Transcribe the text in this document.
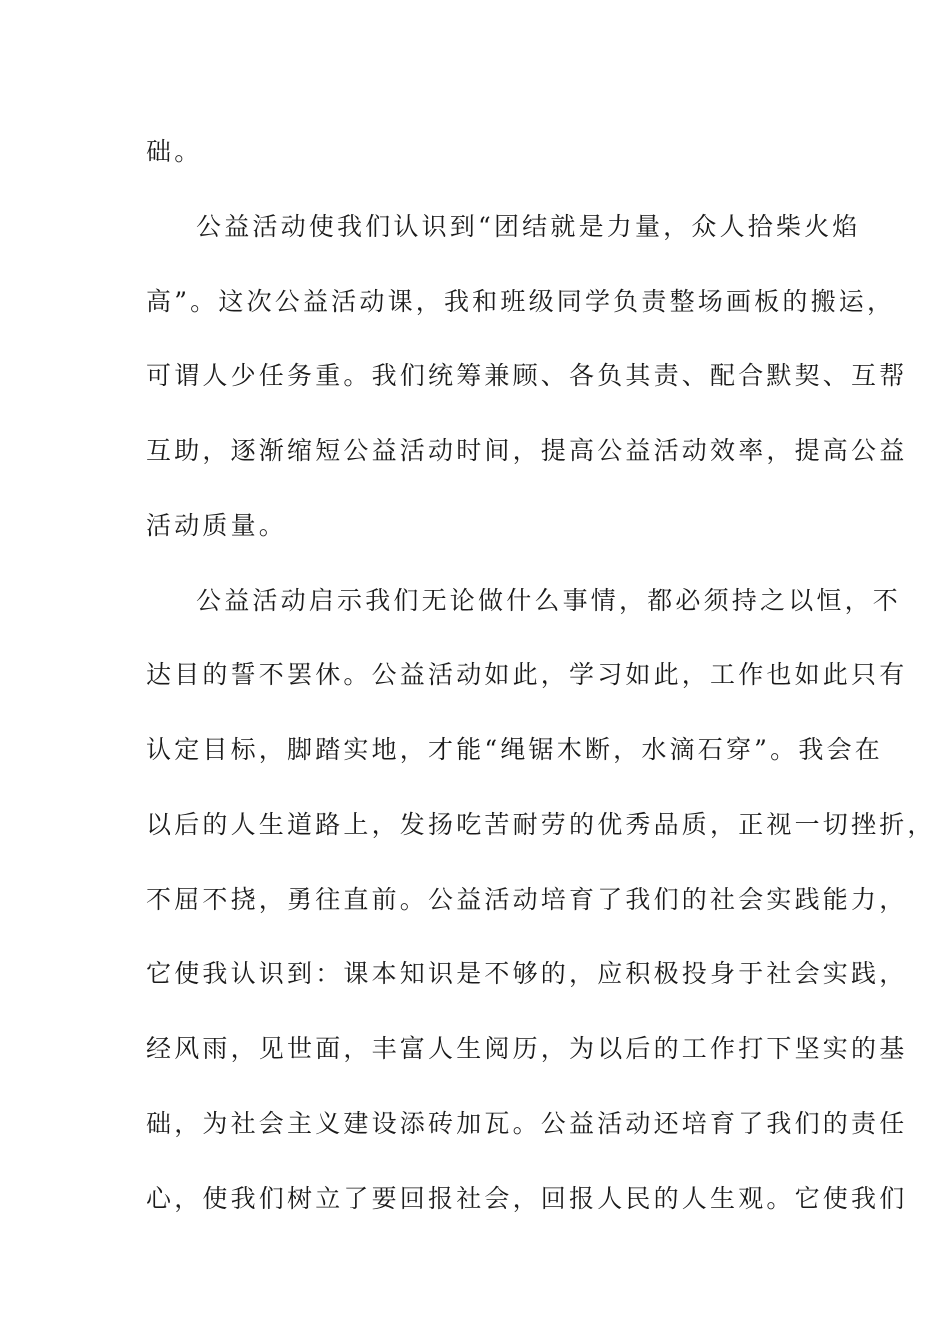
础。
公益活动使我们认识到“团结就是力量，众人拾柴火焰
高”。这次公益活动课，我和班级同学负责整场画板的搬运，
可谓人少任务重。我们统筹兼顾、各负其责、配合默契、互帮
互助，逐渐缩短公益活动时间，提高公益活动效率，提高公益
活动质量。
公益活动启示我们无论做什么事情，都必须持之以恒，不
达目的誓不罢休。公益活动如此，学习如此，工作也如此只有
认定目标，脚踏实地，才能“绳锯木断，水滴石穿”。我会在
以后的人生道路上，发扬吃苦耐劳的优秀品质，正视一切挫折，
不屈不挠，勇往直前。公益活动培育了我们的社会实践能力，
它使我认识到：课本知识是不够的，应积极投身于社会实践，
经风雨，见世面，丰富人生阅历，为以后的工作打下坚实的基
础，为社会主义建设添砖加瓦。公益活动还培育了我们的责任
心，使我们树立了要回报社会，回报人民的人生观。它使我们
